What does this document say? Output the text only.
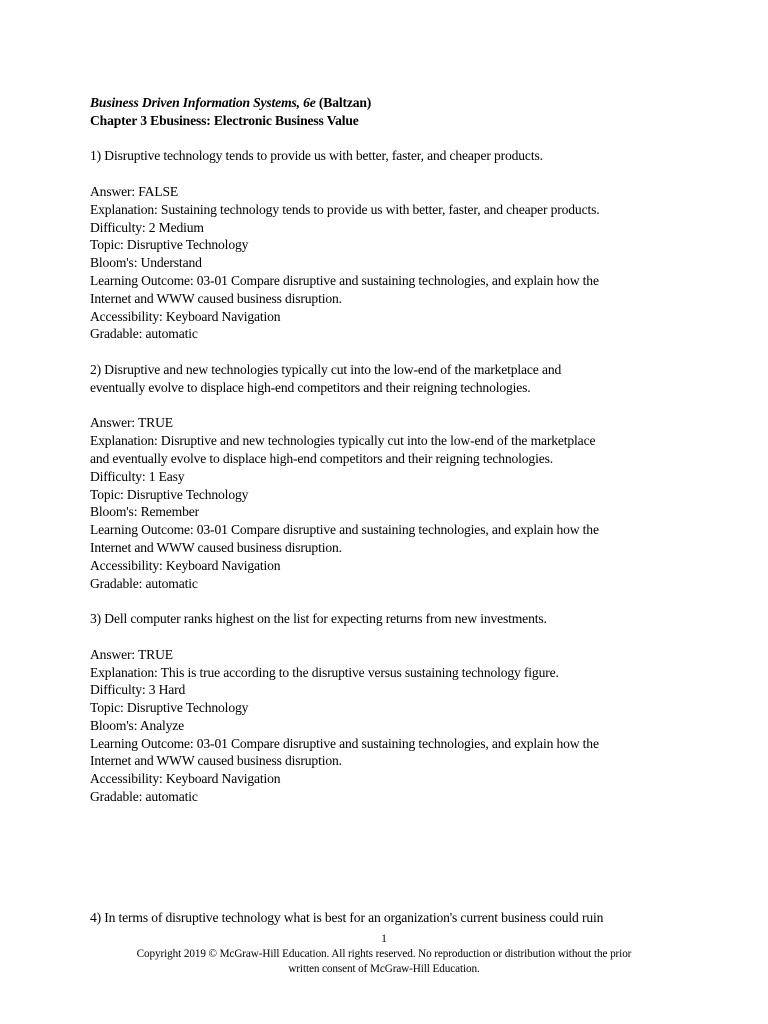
Business Driven Information Systems, 6e (Baltzan)
Chapter 3 Ebusiness: Electronic Business Value
1) Disruptive technology tends to provide us with better, faster, and cheaper products.
Answer: FALSE
Explanation: Sustaining technology tends to provide us with better, faster, and cheaper products.
Difficulty: 2 Medium
Topic: Disruptive Technology
Bloom's: Understand
Learning Outcome: 03-01 Compare disruptive and sustaining technologies, and explain how the
Internet and WWW caused business disruption.
Accessibility: Keyboard Navigation
Gradable: automatic
2) Disruptive and new technologies typically cut into the low-end of the marketplace and
eventually evolve to displace high-end competitors and their reigning technologies.
Answer: TRUE
Explanation: Disruptive and new technologies typically cut into the low-end of the marketplace
and eventually evolve to displace high-end competitors and their reigning technologies.
Difficulty: 1 Easy
Topic: Disruptive Technology
Bloom's: Remember
Learning Outcome: 03-01 Compare disruptive and sustaining technologies, and explain how the
Internet and WWW caused business disruption.
Accessibility: Keyboard Navigation
Gradable: automatic
3) Dell computer ranks highest on the list for expecting returns from new investments.
Answer: TRUE
Explanation: This is true according to the disruptive versus sustaining technology figure.
Difficulty: 3 Hard
Topic: Disruptive Technology
Bloom's: Analyze
Learning Outcome: 03-01 Compare disruptive and sustaining technologies, and explain how the
Internet and WWW caused business disruption.
Accessibility: Keyboard Navigation
Gradable: automatic
4) In terms of disruptive technology what is best for an organization's current business could ruin
1
Copyright 2019 © McGraw-Hill Education. All rights reserved. No reproduction or distribution without the prior
written consent of McGraw-Hill Education.
